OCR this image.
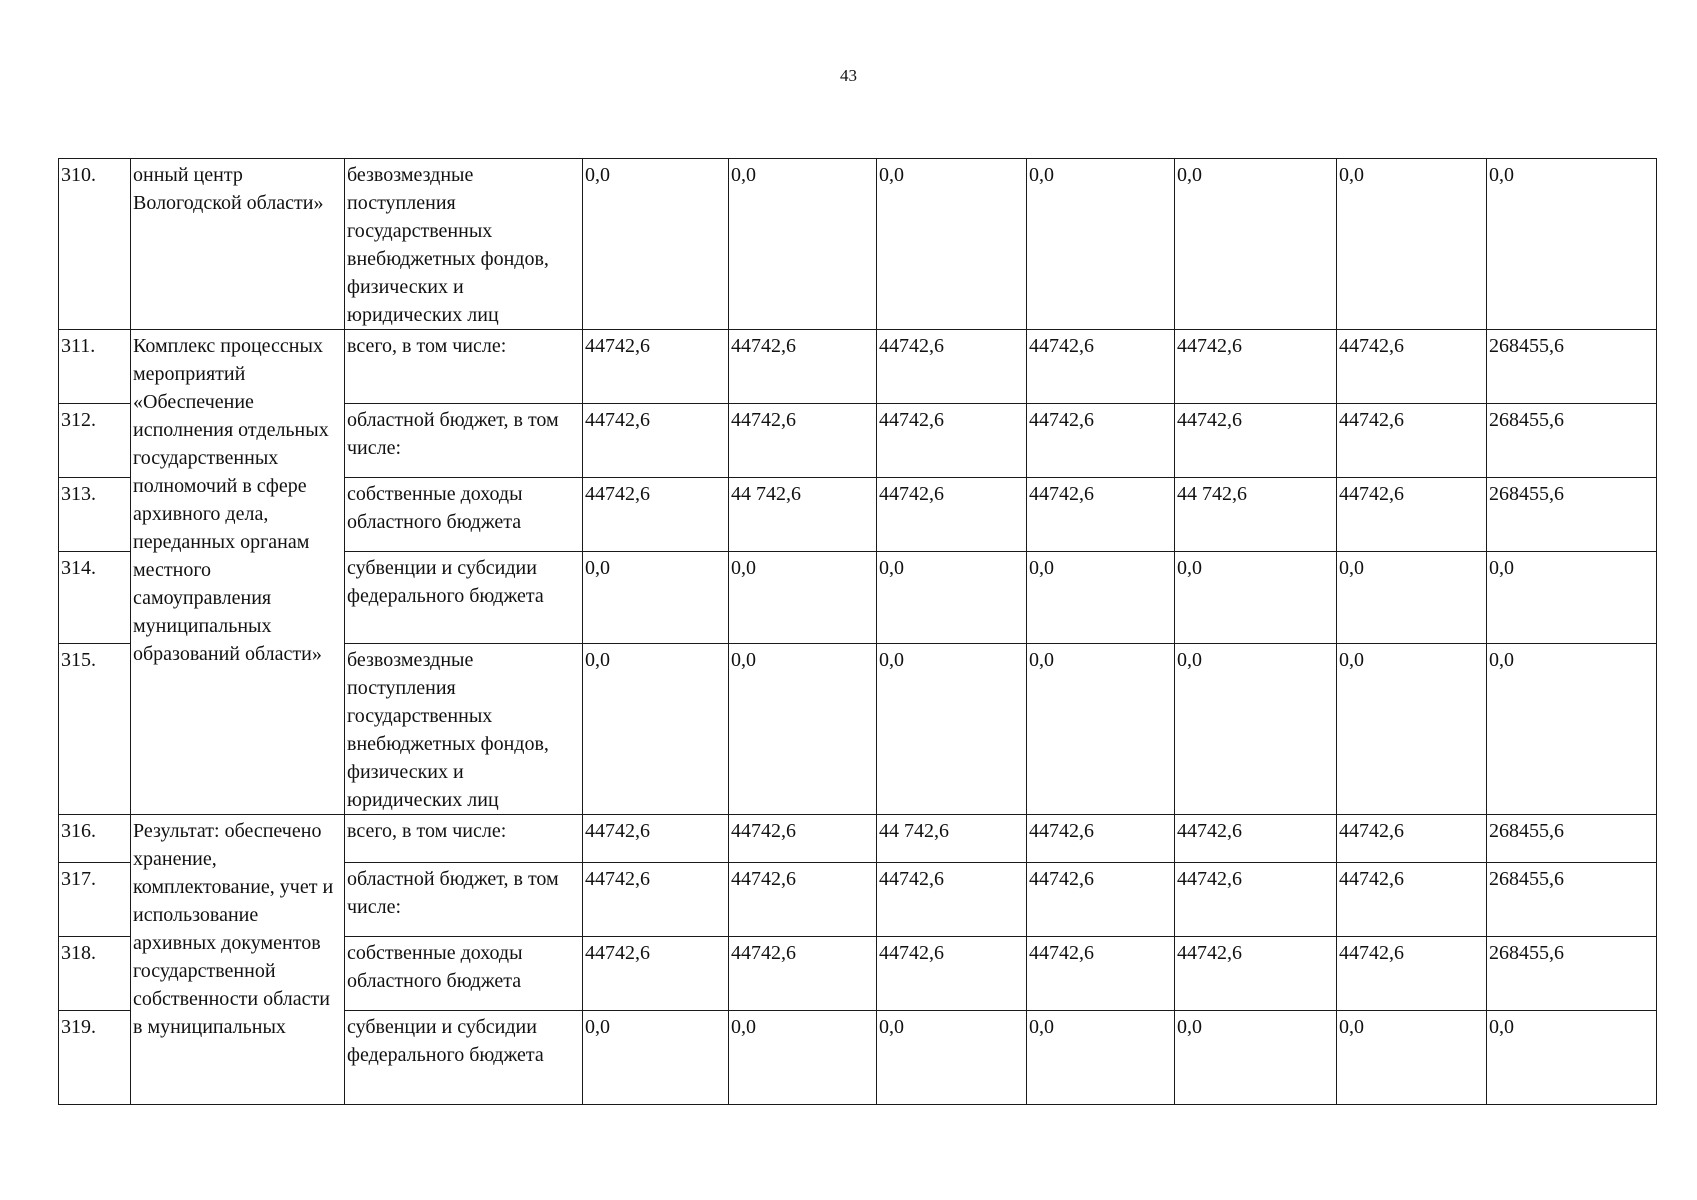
43
310.	онный центр Вологодской области»	безвозмездные поступления государственных внебюджетных фондов, физических и юридических лиц	0,0	0,0	0,0	0,0	0,0	0,0	0,0
311.	Комплекс процессных мероприятий «Обеспечение исполнения отдельных государственных полномочий в сфере архивного дела, переданных органам местного самоуправления муниципальных образований области»	всего, в том числе:	44742,6	44742,6	44742,6	44742,6	44742,6	44742,6	268455,6
312.		областной бюджет, в том числе:	44742,6	44742,6	44742,6	44742,6	44742,6	44742,6	268455,6
313.		собственные доходы областного бюджета	44742,6	44 742,6	44742,6	44742,6	44 742,6	44742,6	268455,6
314.		субвенции и субсидии федерального бюджета	0,0	0,0	0,0	0,0	0,0	0,0	0,0
315.		безвозмездные поступления государственных внебюджетных фондов, физических и юридических лиц	0,0	0,0	0,0	0,0	0,0	0,0	0,0
316.	Результат: обеспечено хранение, комплектование, учет и использование архивных документов государственной собственности области в муниципальных	всего, в том числе:	44742,6	44742,6	44 742,6	44742,6	44742,6	44742,6	268455,6
317.		областной бюджет, в том числе:	44742,6	44742,6	44742,6	44742,6	44742,6	44742,6	268455,6
318.		собственные доходы областного бюджета	44742,6	44742,6	44742,6	44742,6	44742,6	44742,6	268455,6
319.		субвенции и субсидии федерального бюджета	0,0	0,0	0,0	0,0	0,0	0,0	0,0
